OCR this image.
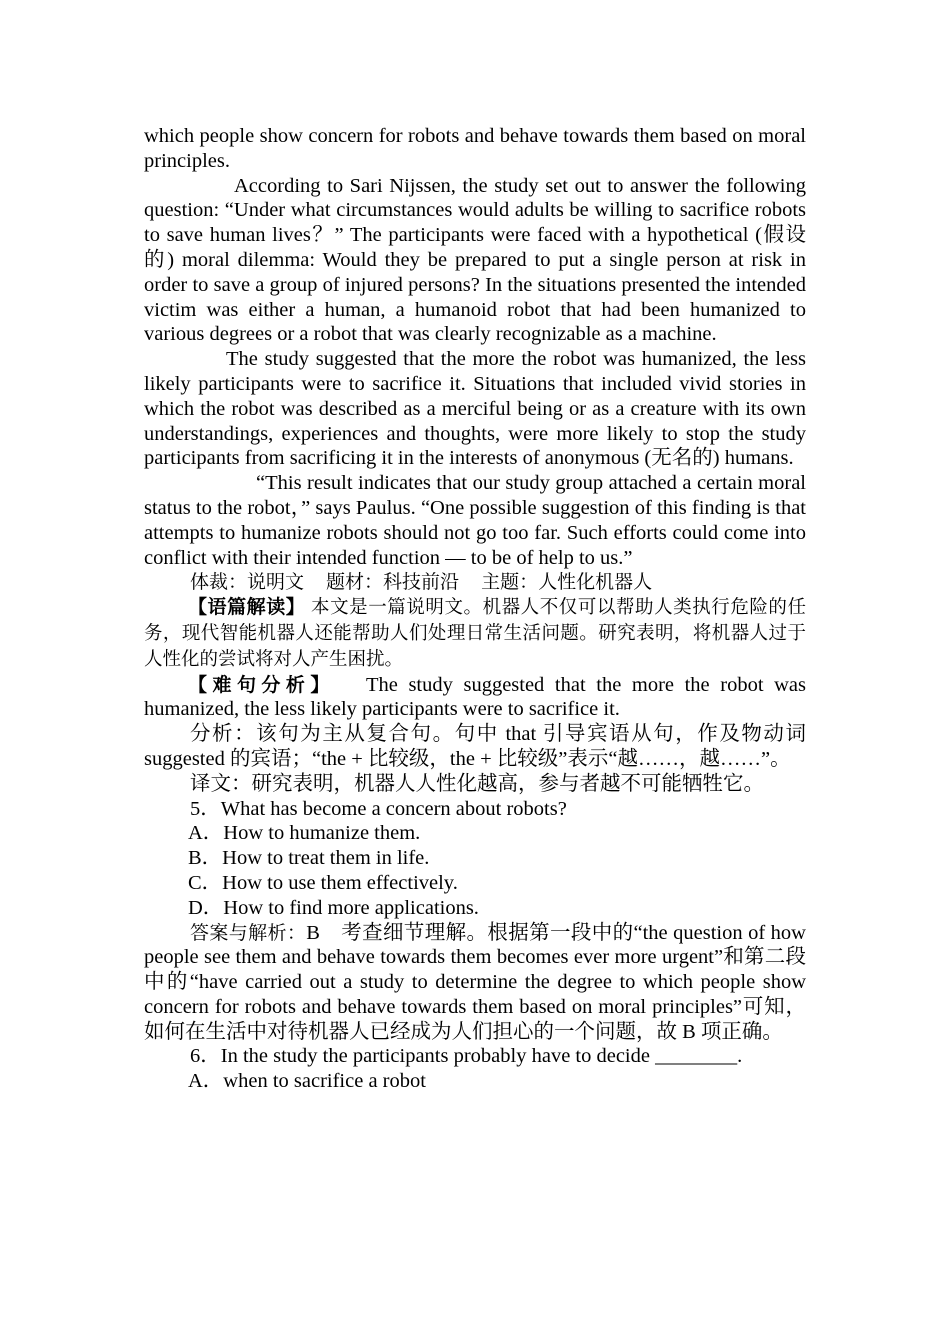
which people show concern for robots and behave towards them based on moral principles.

According to Sari Nijssen, the study set out to answer the following question: “Under what circumstances would adults be willing to sacrifice robots to save human lives？” The participants were faced with a hypothetical (假设的) moral dilemma: Would they be prepared to put a single person at risk in order to save a group of injured persons? In the situations presented the intended victim was either a human, a humanoid robot that had been humanized to various degrees or a robot that was clearly recognizable as a machine.

The study suggested that the more the robot was humanized, the less likely participants were to sacrifice it. Situations that included vivid stories in which the robot was described as a merciful being or as a creature with its own understandings, experiences and thoughts, were more likely to stop the study participants from sacrificing it in the interests of anonymous (无名的) humans.

“This result indicates that our study group attached a certain moral status to the robot，” says Paulus. “One possible suggestion of this finding is that attempts to humanize robots should not go too far. Such efforts could come into conflict with their intended function — to be of help to us.”

体裁：说明文 题材：科技前沿 主题：人性化机器人

【语篇解读】 本文是一篇说明文。机器人不仅可以帮助人类执行危险的任务，现代智能机器人还能帮助人们处理日常生活问题。研究表明，将机器人过于人性化的尝试将对人产生困扰。

【难句分析】   The study suggested that the more the robot was humanized, the less likely participants were to sacrifice it.

分析：该句为主从复合句。句中 that 引导宾语从句，作及物动词 suggested 的宾语；“the + 比较级，the + 比较级”表示“越……，越……”。

译文：研究表明，机器人人性化越高，参与者越不可能牺牲它。

5．What has become a concern about robots?

A．How to humanize them.

B．How to treat them in life.

C．How to use them effectively.

D．How to find more applications.

答案与解析：B　考查细节理解。根据第一段中的“the question of how people see them and behave towards them becomes ever more urgent”和第二段中的“have carried out a study to determine the degree to which people show concern for robots and behave towards them based on moral principles”可知，如何在生活中对待机器人已经成为人们担心的一个问题，故 B 项正确。

6．In the study the participants probably have to decide ________.

A．when to sacrifice a robot
